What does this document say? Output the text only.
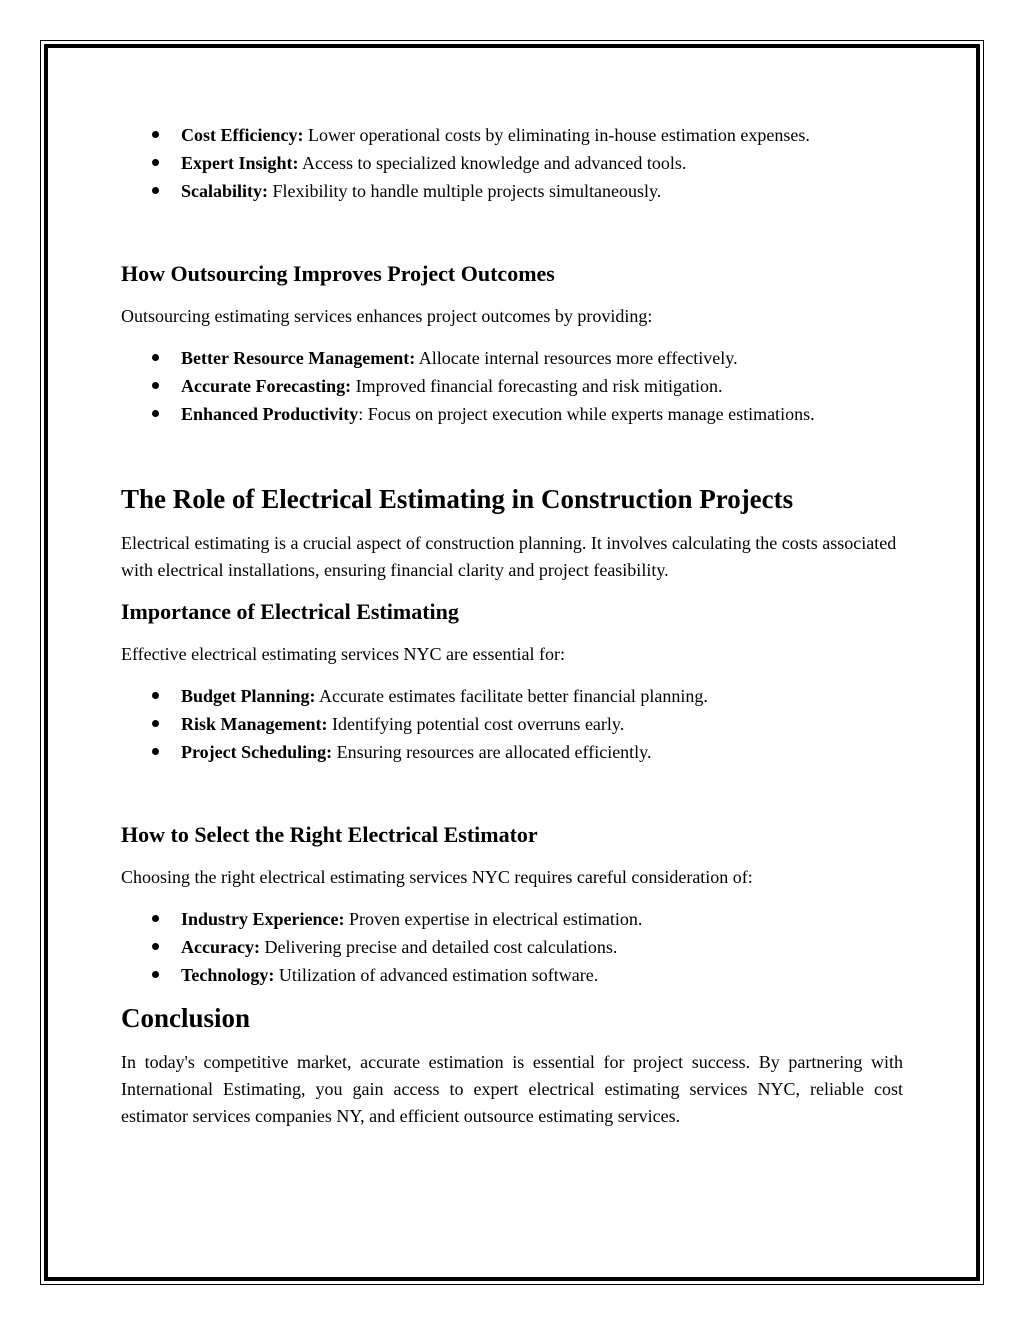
Cost Efficiency: Lower operational costs by eliminating in-house estimation expenses.
Expert Insight: Access to specialized knowledge and advanced tools.
Scalability: Flexibility to handle multiple projects simultaneously.
How Outsourcing Improves Project Outcomes

Outsourcing estimating services enhances project outcomes by providing:

Better Resource Management: Allocate internal resources more effectively.
Accurate Forecasting: Improved financial forecasting and risk mitigation.
Enhanced Productivity: Focus on project execution while experts manage estimations.
The Role of Electrical Estimating in Construction Projects

Electrical estimating is a crucial aspect of construction planning. It involves calculating the costs associated with electrical installations, ensuring financial clarity and project feasibility.

Importance of Electrical Estimating

Effective electrical estimating services NYC are essential for:

Budget Planning: Accurate estimates facilitate better financial planning.
Risk Management: Identifying potential cost overruns early.
Project Scheduling: Ensuring resources are allocated efficiently.
How to Select the Right Electrical Estimator

Choosing the right electrical estimating services NYC requires careful consideration of:

Industry Experience: Proven expertise in electrical estimation.
Accuracy: Delivering precise and detailed cost calculations.
Technology: Utilization of advanced estimation software.
Conclusion

In today's competitive market, accurate estimation is essential for project success. By partnering with International Estimating, you gain access to expert electrical estimating services NYC, reliable cost estimator services companies NY, and efficient outsource estimating services.
